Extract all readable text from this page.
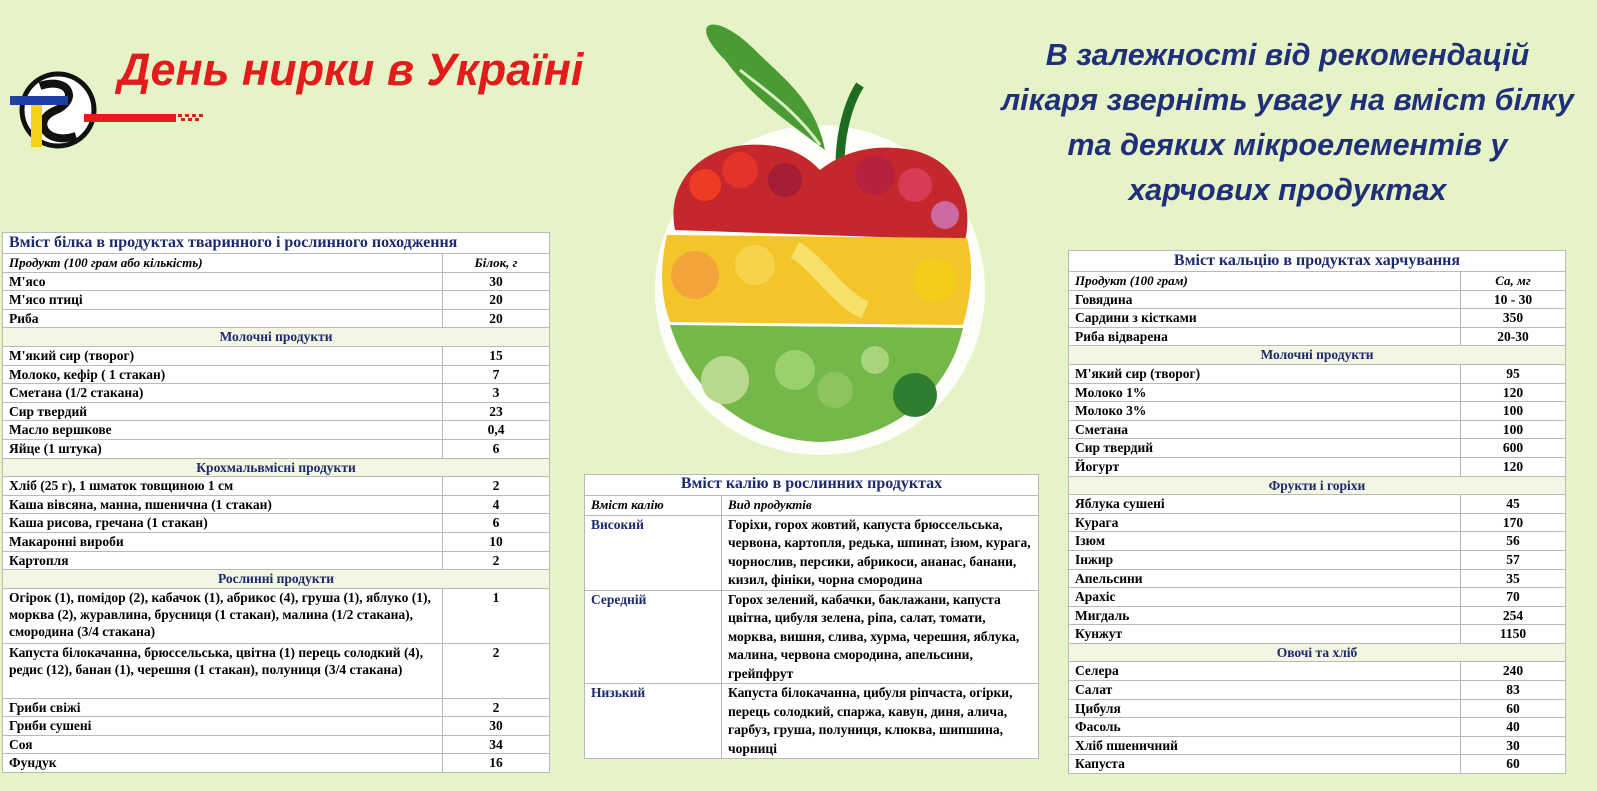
День нирки в Україні	В залежності від рекомендацій лікаря зверніть увагу на вміст білку та деяких мікроелементів у харчових продуктах
Вміст білка в продуктах тваринного і рослинного походження	
Продукт (100 грам або кількість)	Білок, г
М'ясо	30
М'ясо птиці	20
Риба	20
Молочні продукти	
М'який сир (творог)	15
Молоко, кефір ( 1 стакан)	7
Сметана (1/2 стакана)	3
Сир твердий	23
Масло вершкове	0,4
Яйце (1 штука)	6
Крохмальвмісні продукти	
Хліб (25 г), 1 шматок товщиною 1 см	2
Каша вівсяна, манна, пшенична (1 стакан)	4
Каша рисова, гречана (1 стакан)	6
Макаронні вироби	10
Картопля	2
Рослинні продукти	
Огірок (1), помідор (2), кабачок (1), абрикос (4), груша (1), яблуко (1), морква (2), журавлина, брусниця (1 стакан), малина (1/2 стакана), смородина (3/4 стакана)	1
Капуста білокачанна, брюссельська, цвітна (1) перець солодкий (4), редис (12), банан (1), черешня (1 стакан), полуниця (3/4 стакана)	2
Гриби свіжі	2
Гриби сушені	30
Соя	34
Фундук	16
Вміст калію в рослинних продуктах	
Вміст калію	Вид продуктів
Високий	Горіхи, горох жовтий, капуста брюссельська, червона, картопля, редька, шпинат, ізюм, курага, чорнослив, персики, абрикоси, ананас, банани, кизил, фініки, чорна смородина
Середній	Горох зелений, кабачки, баклажани, капуста цвітна, цибуля зелена, ріпа, салат, томати, морква, вишня, слива, хурма, черешня, яблука, малина, червона смородина, апельсини, грейпфрут
Низький	Капуста білокачанна, цибуля ріпчаста, огірки, перець солодкий, спаржа, кавун, диня, алича, гарбуз, груша, полуниця, клюква, шипшина, чорниці
Вміст кальцію в продуктах харчування	
Продукт (100 грам)	Ca, мг
Говядина	10 - 30
Сардини з кістками	350
Риба відварена	20-30
Молочні продукти	
М'який сир (творог)	95
Молоко 1%	120
Молоко 3%	100
Сметана	100
Сир твердий	600
Йогурт	120
Фрукти і горіхи	
Яблука сушені	45
Курага	170
Ізюм	56
Інжир	57
Апельсини	35
Арахіс	70
Мигдаль	254
Кунжут	1150
Овочі та хліб	
Селера	240
Салат	83
Цибуля	60
Фасоль	40
Хліб пшеничний	30
Капуста	60
